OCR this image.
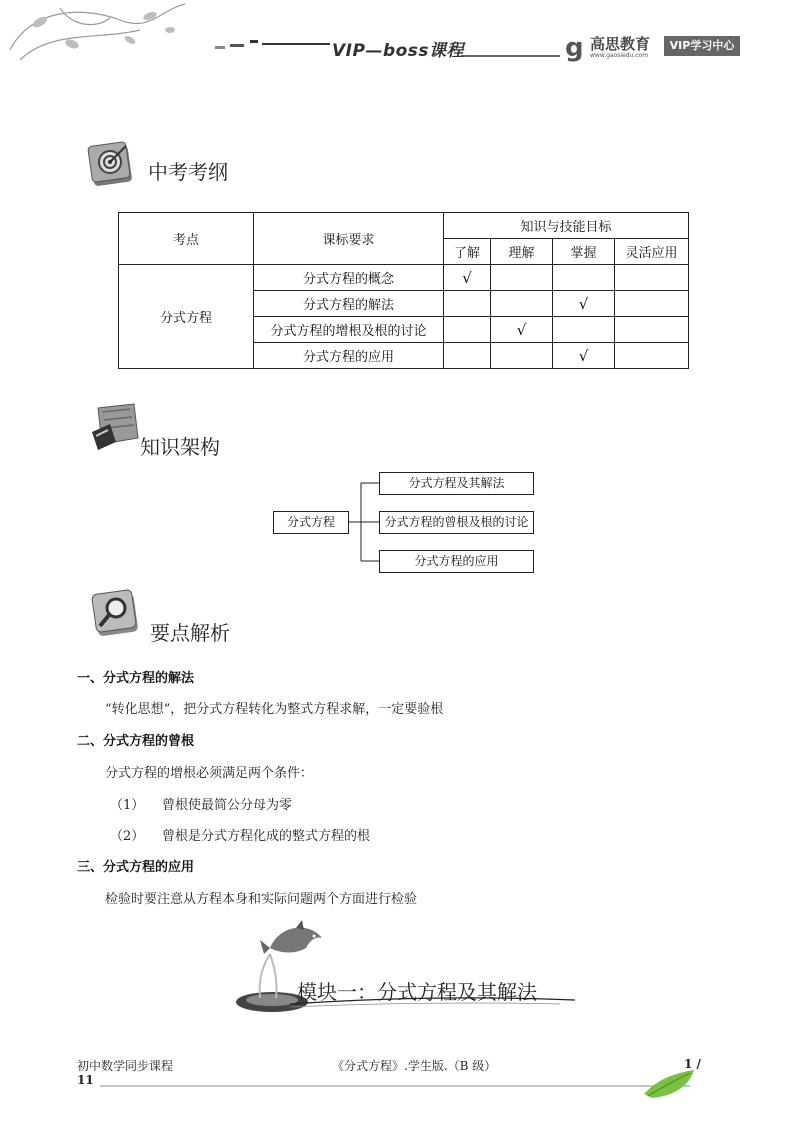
g
VIP—boss课程	高思教育
www.gaosiedu.com
VIP学习中心
中考考纲
考点	课标要求	知识与技能目标			
		了解	理解	掌握	灵活应用
分式方程	分式方程的概念	√			
	分式方程的解法			√	
	分式方程的增根及根的讨论		√		
	分式方程的应用			√	
知识架构
分式方程
分式方程及其解法
分式方程的曾根及根的讨论
分式方程的应用
要点解析
一、分式方程的解法
“转化思想”，把分式方程转化为整式方程求解，一定要验根
二、分式方程的曾根
分式方程的增根必须满足两个条件：
（1） 曾根使最简公分母为零
（2） 曾根是分式方程化成的整式方程的根
三、分式方程的应用
检验时要注意从方程本身和实际问题两个方面进行检验
模块一：分式方程及其解法
初中数学同步课程	《分式方程》.学生版.（B 级）	1 /
11
